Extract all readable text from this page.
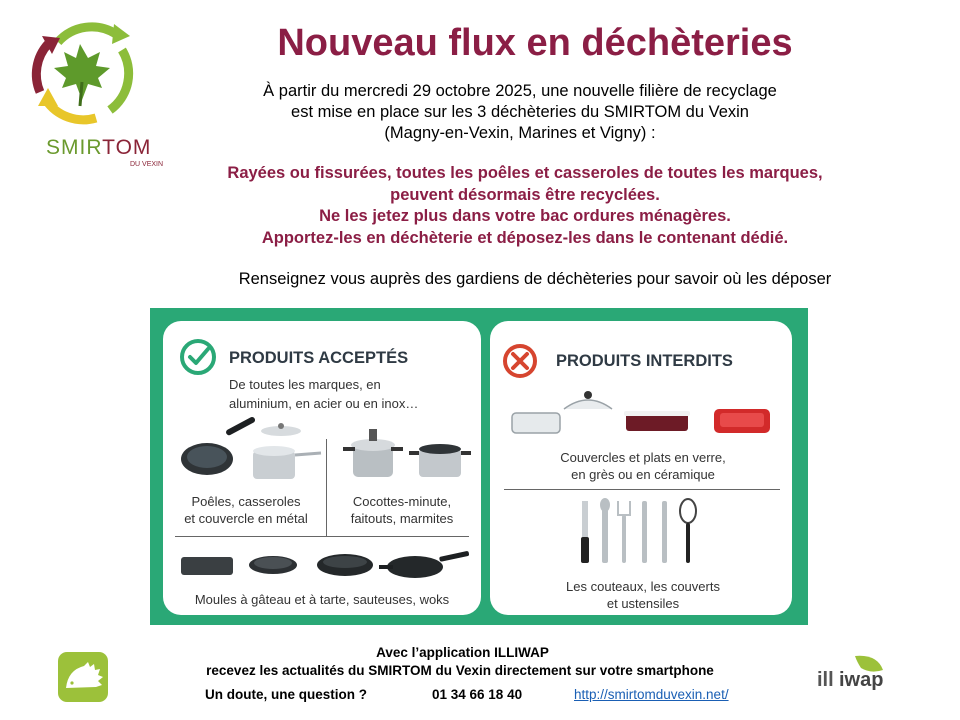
SMIRTOM
DU VEXIN
Nouveau flux en déchèteries
À partir du mercredi 29 octobre 2025, une nouvelle filière de recyclage
est mise en place sur les 3 déchèteries du SMIRTOM du Vexin
(Magny-en-Vexin, Marines et Vigny) :
Rayées ou fissurées, toutes les poêles et casseroles de toutes les marques,
peuvent désormais être recyclées.
Ne les jetez plus dans votre bac ordures ménagères.
Apportez-les en déchèterie et déposez-les dans le contenant dédié.
Renseignez vous auprès des gardiens de déchèteries pour savoir où les déposer
PRODUITS ACCEPTÉS
De toutes les marques, en
aluminium, en acier ou en inox…
Poêles, casseroles
et couvercle en métal
Cocottes-minute,
faitouts, marmites
Moules à gâteau et à tarte, sauteuses, woks
PRODUITS INTERDITS
Couvercles et plats en verre,
en grès ou en céramique
Les couteaux, les couverts
et ustensiles
Avec l’application ILLIWAP
recevez les actualités du SMIRTOM du Vexin directement sur votre smartphone
Un doute, une question ?	01 34 66 18 40	http://smirtomduvexin.net/
ill iwap
